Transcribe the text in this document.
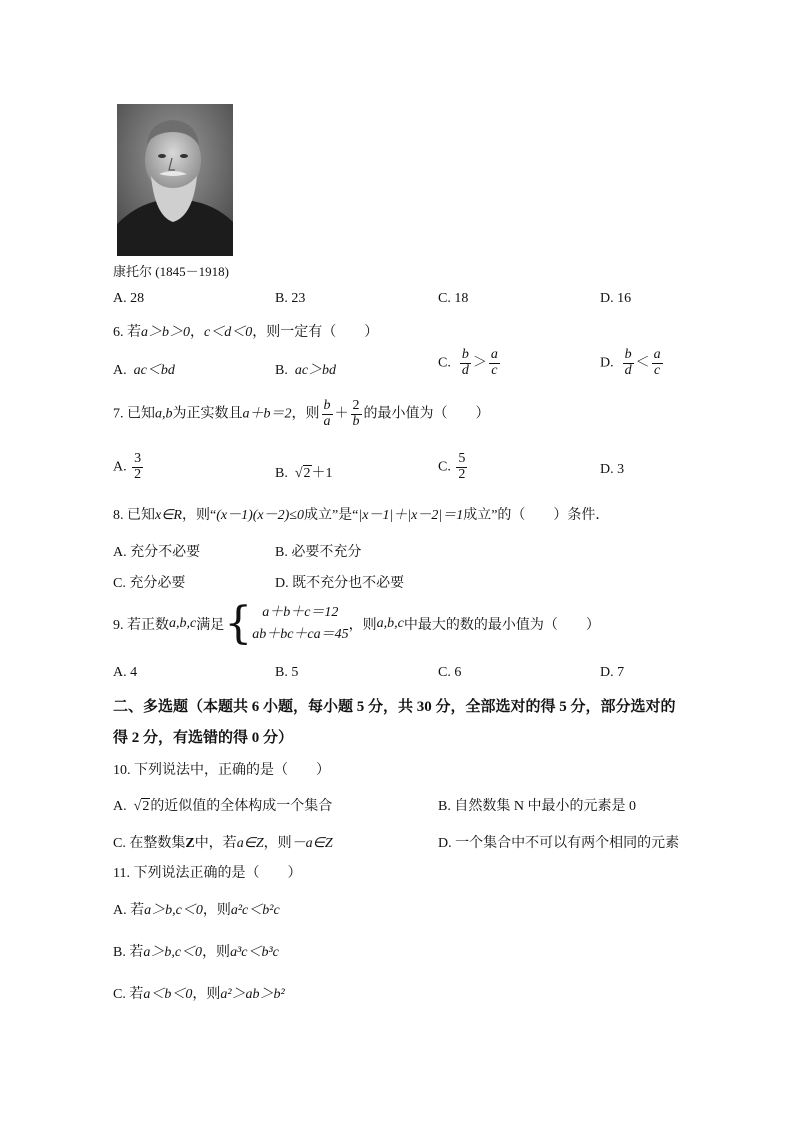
康托尔 (1845－1918)
A. 28	B. 23	C. 18	D. 16
6. 若a＞b＞0，c＜d＜0，则一定有（　　）
A. ac＜bd	B. ac＞bd
C. $\frac{b}{d} > \frac{a}{c}$	D. $\frac{b}{d} < \frac{a}{c}$
7. 已知a,b为正实数且a＋b＝2，则 $\frac{b}{a} + \frac{2}{b}$ 的最小值为（　　）
A. $\frac{3}{2}$	B. √2＋1	C. $\frac{5}{2}$	D. 3
8. 已知x∈R，则“(x－1)(x－2)≤0成立”是“|x－1|＋|x－2|＝1成立”的（　　）条件．
A. 充分不必要	B. 必要不充分
C. 充分必要	D. 既不充分也不必要
9. 若正数 a,b,c 满足 { a＋b＋c＝12
ab＋bc＋ca＝45
，则 a,b,c 中最大的数的最小值为（　　）
A. 4	B. 5	C. 6	D. 7
二、多选题（本题共 6 小题，每小题 5 分，共 30 分，全部选对的得 5 分，部分选对的
得 2 分，有选错的得 0 分）
10. 下列说法中，正确的是（　　）
A. √2的近似值的全体构成一个集合	B. 自然数集 N 中最小的元素是 0
C. 在整数集Z中，若a∈Z，则－a∈Z	D. 一个集合中不可以有两个相同的元素
11. 下列说法正确的是（　　）
A. 若a＞b,c＜0，则a²c＜b²c
B. 若a＞b,c＜0，则a³c＜b³c
C. 若a＜b＜0，则a²＞ab＞b²
